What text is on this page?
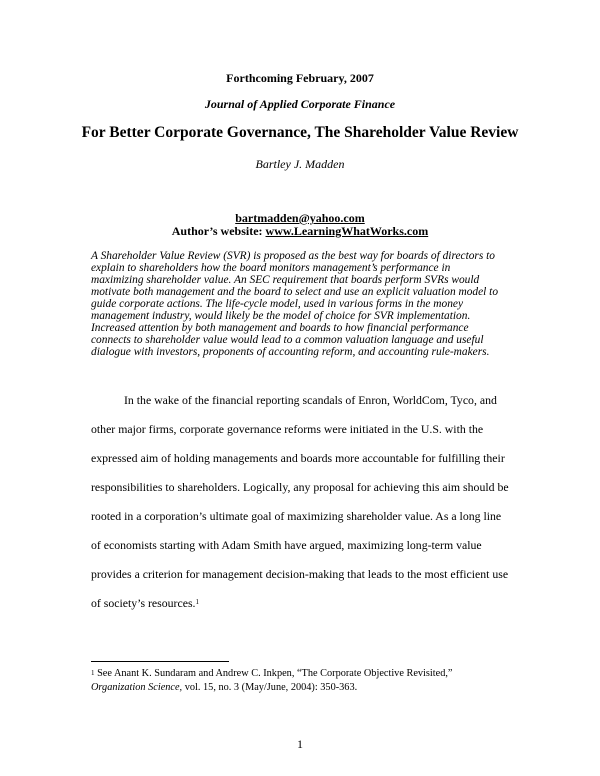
Forthcoming February, 2007
Journal of Applied Corporate Finance
For Better Corporate Governance, The Shareholder Value Review
Bartley J. Madden
bartmadden@yahoo.com
Author’s website: www.LearningWhatWorks.com
A Shareholder Value Review (SVR) is proposed as the best way for boards of directors to
explain to shareholders how the board monitors management’s performance in
maximizing shareholder value. An SEC requirement that boards perform SVRs would
motivate both management and the board to select and use an explicit valuation model to
guide corporate actions. The life-cycle model, used in various forms in the money
management industry, would likely be the model of choice for SVR implementation.
Increased attention by both management and boards to how financial performance
connects to shareholder value would lead to a common valuation language and useful
dialogue with investors, proponents of accounting reform, and accounting rule-makers.
In the wake of the financial reporting scandals of Enron, WorldCom, Tyco, and
other major firms, corporate governance reforms were initiated in the U.S. with the
expressed aim of holding managements and boards more accountable for fulfilling their
responsibilities to shareholders. Logically, any proposal for achieving this aim should be
rooted in a corporation’s ultimate goal of maximizing shareholder value. As a long line
of economists starting with Adam Smith have argued, maximizing long-term value
provides a criterion for management decision-making that leads to the most efficient use
of society’s resources.$^1$
$^1$ See Anant K. Sundaram and Andrew C. Inkpen, “The Corporate Objective Revisited,”
Organization Science, vol. 15, no. 3 (May/June, 2004): 350-363.
1
